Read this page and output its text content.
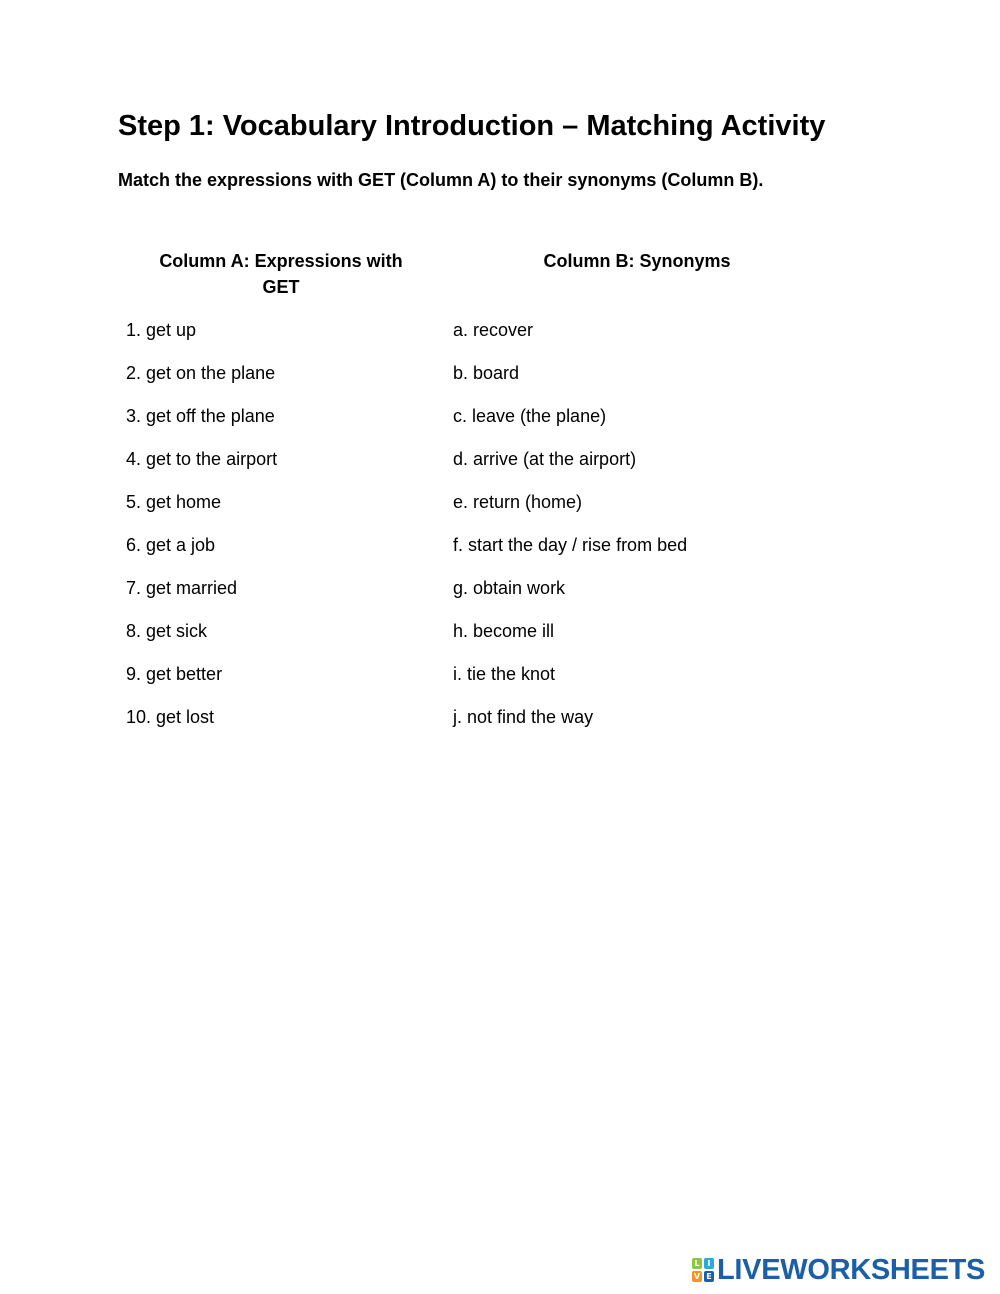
Step 1: Vocabulary Introduction – Matching Activity
Match the expressions with GET (Column A) to their synonyms (Column B).
Column A: Expressions with GET
Column B: Synonyms
1. get up	a. recover
2. get on the plane	b. board
3. get off the plane	c. leave (the plane)
4. get to the airport	d. arrive (at the airport)
5. get home	e. return (home)
6. get a job	f. start the day / rise from bed
7. get married	g. obtain work
8. get sick	h. become ill
9. get better	i. tie the knot
10. get lost	j. not find the way
L I
V E LIVEWORKSHEETS
